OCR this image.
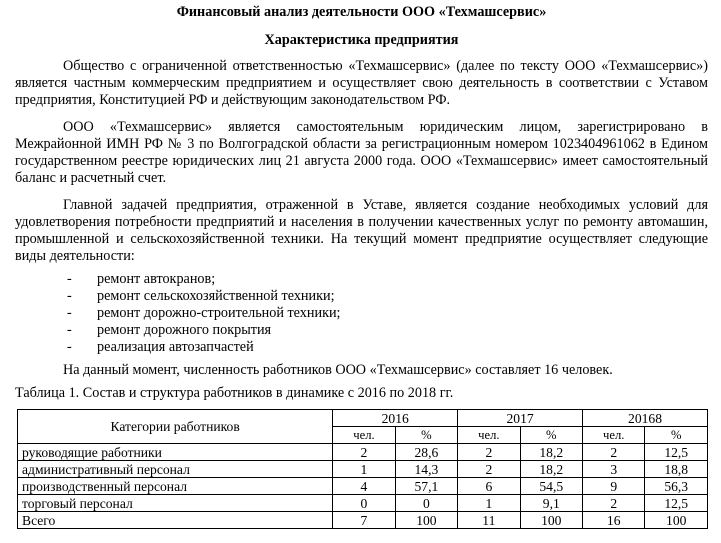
Финансовый анализ деятельности ООО «Техмашсервис»
Характеристика предприятия

Общество с ограниченной ответственностью «Техмашсервис» (далее по тексту ООО «Техмашсервис») является частным коммерческим предприятием и осуществляет свою деятельность в соответствии с Уставом предприятия, Конституцией РФ и действующим законодательством РФ.

ООО «Техмашсервис» является самостоятельным юридическим лицом, зарегистрировано в Межрайонной ИМН РФ № 3 по Волгоградской области за регистрационным номером 1023404961062 в Едином государственном реестре юридических лиц 21 августа 2000 года. ООО «Техмашсервис» имеет самостоятельный баланс и расчетный счет.

Главной задачей предприятия, отраженной в Уставе, является создание необходимых условий для удовлетворения потребности предприятий и населения в получении качественных услуг по ремонту автомашин, промышленной и сельскохозяйственной техники. На текущий момент предприятие осуществляет следующие виды деятельности:

- ремонт автокранов;
- ремонт сельскохозяйственной техники;
- ремонт дорожно-строительной техники;
- ремонт дорожного покрытия
- реализация автозапчастей

На данный момент, численность работников ООО «Техмашсервис» составляет 16 человек.

Таблица 1. Состав и структура работников в динамике с 2016 по 2018 гг.
Категории работников	2016		2017		20168	
	чел.	%	чел.	%	чел.	%
руководящие работники	2	28,6	2	18,2	2	12,5
административный персонал	1	14,3	2	18,2	3	18,8
производственный персонал	4	57,1	6	54,5	9	56,3
торговый персонал	0	0	1	9,1	2	12,5
Всего	7	100	11	100	16	100
